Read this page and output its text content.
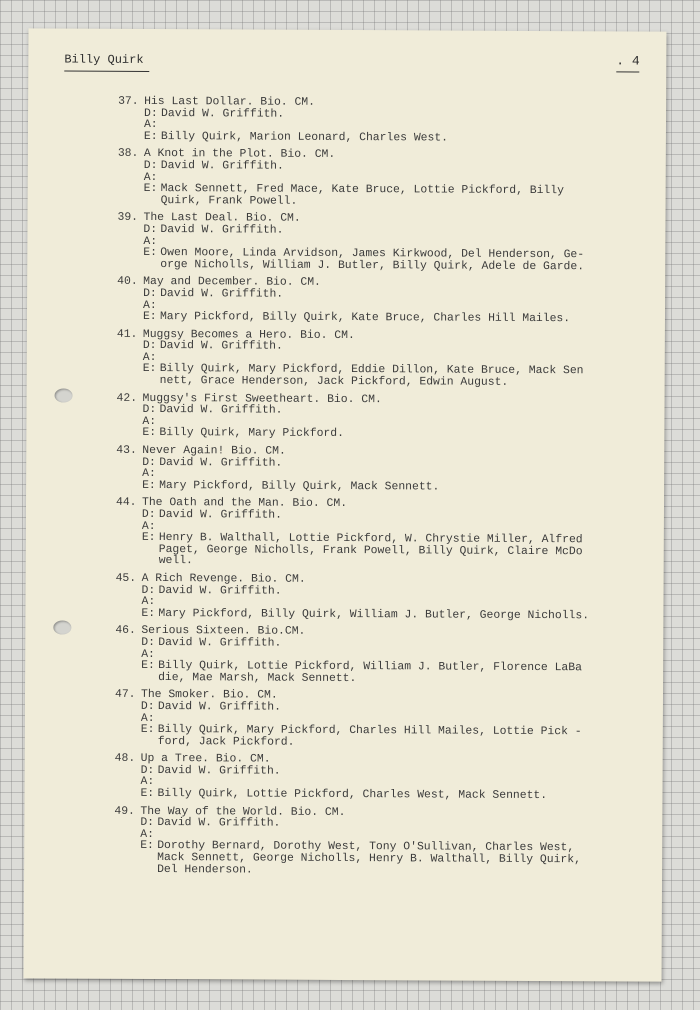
Billy Quirk	. 4
37. His Last Dollar. Bio. CM.
D: David W. Griffith.
A:
E: Billy Quirk, Marion Leonard, Charles West.
38. A Knot in the Plot. Bio. CM.
D: David W. Griffith.
A:
E: Mack Sennett, Fred Mace, Kate Bruce, Lottie Pickford, Billy
Quirk, Frank Powell.
39. The Last Deal. Bio. CM.
D: David W. Griffith.
A:
E: Owen Moore, Linda Arvidson, James Kirkwood, Del Henderson, Ge-
orge Nicholls, William J. Butler, Billy Quirk, Adele de Garde.
40. May and December. Bio. CM.
D: David W. Griffith.
A:
E: Mary Pickford, Billy Quirk, Kate Bruce, Charles Hill Mailes.
41. Muggsy Becomes a Hero. Bio. CM.
D: David W. Griffith.
A:
E: Billy Quirk, Mary Pickford, Eddie Dillon, Kate Bruce, Mack Sen
nett, Grace Henderson, Jack Pickford, Edwin August.
42. Muggsy's First Sweetheart. Bio. CM.
D: David W. Griffith.
A:
E: Billy Quirk, Mary Pickford.
43. Never Again! Bio. CM.
D: David W. Griffith.
A:
E: Mary Pickford, Billy Quirk, Mack Sennett.
44. The Oath and the Man. Bio. CM.
D: David W. Griffith.
A:
E: Henry B. Walthall, Lottie Pickford, W. Chrystie Miller, Alfred
Paget, George Nicholls, Frank Powell, Billy Quirk, Claire McDo
well.
45. A Rich Revenge. Bio. CM.
D: David W. Griffith.
A:
E: Mary Pickford, Billy Quirk, William J. Butler, George Nicholls.
46. Serious Sixteen. Bio.CM.
D: David W. Griffith.
A:
E: Billy Quirk, Lottie Pickford, William J. Butler, Florence LaBa
die, Mae Marsh, Mack Sennett.
47. The Smoker. Bio. CM.
D: David W. Griffith.
A:
E: Billy Quirk, Mary Pickford, Charles Hill Mailes, Lottie Pick -
ford, Jack Pickford.
48. Up a Tree. Bio. CM.
D: David W. Griffith.
A:
E: Billy Quirk, Lottie Pickford, Charles West, Mack Sennett.
49. The Way of the World. Bio. CM.
D: David W. Griffith.
A:
E: Dorothy Bernard, Dorothy West, Tony O'Sullivan, Charles West,
Mack Sennett, George Nicholls, Henry B. Walthall, Billy Quirk,
Del Henderson.
